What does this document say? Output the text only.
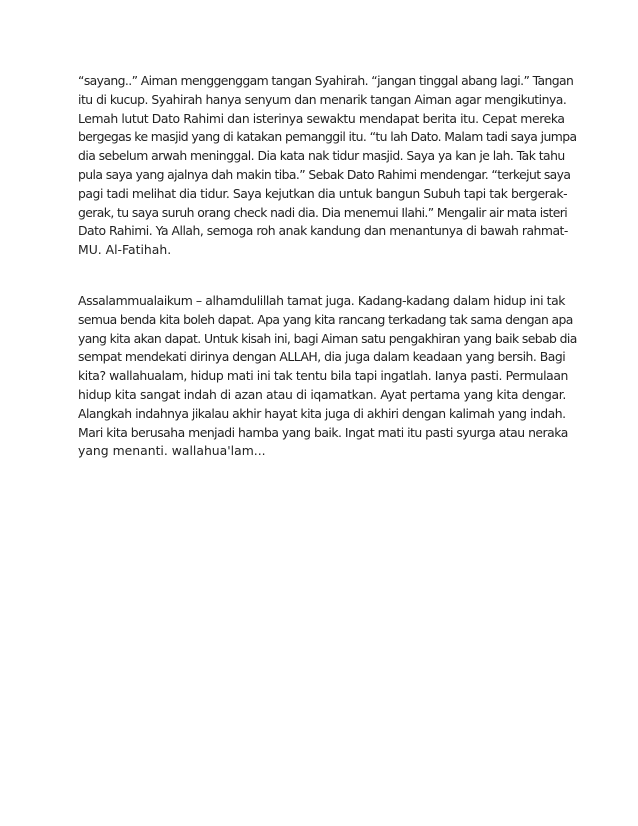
“sayang..” Aiman menggenggam tangan Syahirah. “jangan tinggal abang lagi.” Tangan

itu di kucup. Syahirah hanya senyum dan menarik tangan Aiman agar mengikutinya.

Lemah lutut Dato Rahimi dan isterinya sewaktu mendapat berita itu. Cepat mereka

bergegas ke masjid yang di katakan pemanggil itu. “tu lah Dato. Malam tadi saya jumpa

dia sebelum arwah meninggal. Dia kata nak tidur masjid. Saya ya kan je lah. Tak tahu

pula saya yang ajalnya dah makin tiba.” Sebak Dato Rahimi mendengar. “terkejut saya

pagi tadi melihat dia tidur. Saya kejutkan dia untuk bangun Subuh tapi tak bergerak-

gerak, tu saya suruh orang check nadi dia. Dia menemui Ilahi.” Mengalir air mata isteri

Dato Rahimi. Ya Allah, semoga roh anak kandung dan menantunya di bawah rahmat-

MU. Al-Fatihah.

Assalammualaikum – alhamdulillah tamat juga. Kadang-kadang dalam hidup ini tak

semua benda kita boleh dapat. Apa yang kita rancang terkadang tak sama dengan apa

yang kita akan dapat. Untuk kisah ini, bagi Aiman satu pengakhiran yang baik sebab dia

sempat mendekati dirinya dengan ALLAH, dia juga dalam keadaan yang bersih. Bagi

kita? wallahualam, hidup mati ini tak tentu bila tapi ingatlah. Ianya pasti. Permulaan

hidup kita sangat indah di azan atau di iqamatkan. Ayat pertama yang kita dengar.

Alangkah indahnya jikalau akhir hayat kita juga di akhiri dengan kalimah yang indah.

Mari kita berusaha menjadi hamba yang baik. Ingat mati itu pasti syurga atau neraka

yang menanti. wallahua'lam...
